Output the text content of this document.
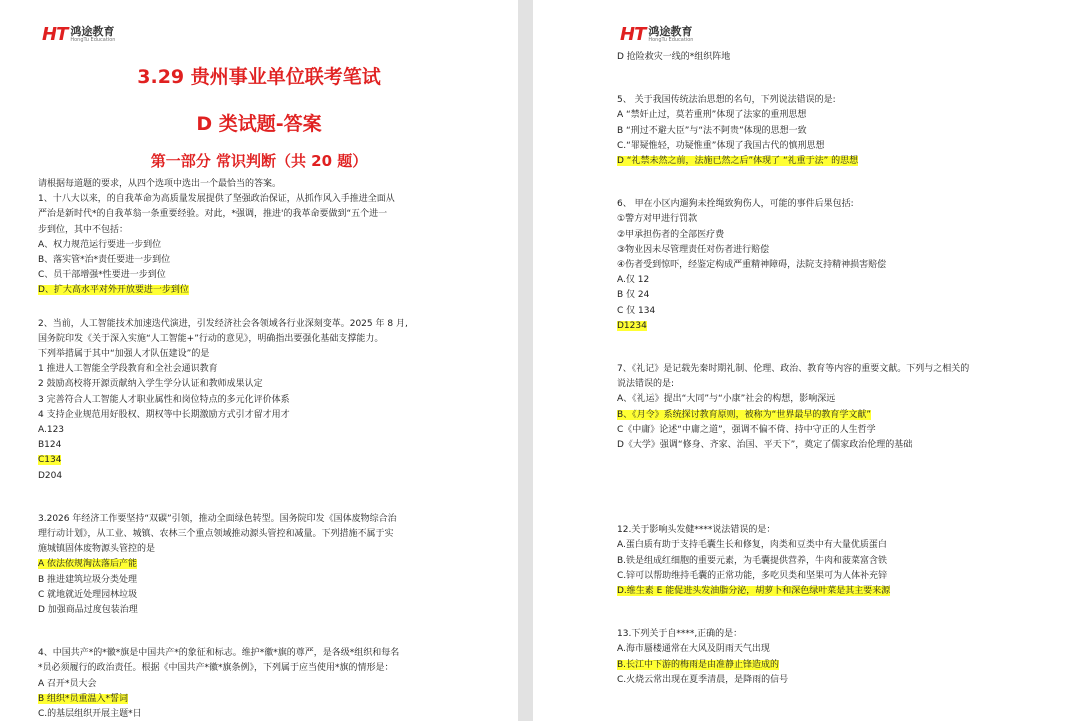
3.29 贵州事业单位联考笔试
D 类试题-答案
第一部分 常识判断（共 20 题）
请根据每道题的要求，从四个选项中选出一个最恰当的答案。
1、十八大以来，的自我革命为高质量发展提供了坚强政治保证，从抓作风入手推进全面从
严治是新时代*的自我革翁一条重要经验。对此，*强调，推进'的我革命要做到“五个进一
步到位，其中不包括：
A、权力规范运行要进一步到位
B、落实管*治*责任要进一步到位
C、员干部增强*性要进一步到位
D、扩大高水平对外开放要进一步到位
2、当前，人工智能技术加速迭代演进，引发经济社会各领域各行业深刻变革。2025 年 8 月,
国务院印发《关于深入实施“人工智能+”行动的意见》，明确指出要强化基础支撑能力。
下列举措属于其中“加强人才队伍建设”的是
1 推进人工智能全学段教育和全社会通识教育
2 鼓励高校将开源贡献纳入学生学分认证和教师成果认定
3 完善符合人工智能人才职业属性和岗位特点的多元化评价体系
4 支持企业规范用好股权、期权等中长期激励方式引才留才用才
A.123
B124
C134
D204
3.2026 年经济工作要坚持“双碳”引领，推动全面绿色转型。国务院印发《国体废物综合治
理行动计划》，从工业、城镇、农林三个重点领域推动源头管控和减量。下列措施不属于实
施城镇固体废物源头管控的是
A 依法依规淘汰落后产能
B 推进建筑垃圾分类处理
C 就地就近处理园林垃圾
D 加强商品过度包装治理
4、中国共产*的*徽*旗是中国共产*的象征和标志。维护*徽*旗的尊严，是各级*组织和每名
*员必须履行的政治责任。根据《中国共产*徽*旗条例》，下列属于应当使用*旗的情形是：
A 召开*员大会
B 组织*员重温入*誓词
C.的基层组织开展主题*日
HT 鸿途教育
HongTu Education
D 抢险救灾一线的*组织阵地
5、 关于我国传统法治思想的名句，下列说法错误的是:
A “禁奸止过，莫若重刑”体现了法家的重刑思想
B “刑过不避大臣”与“法不阿贵”体现的思想一致
C.“罪疑惟轻，功疑惟重”体现了我国古代的慎刑思想
D “礼禁未然之前，法施已然之后”体现了 “礼重于法” 的思想
6、 甲在小区内遛狗未拴绳致狗伤人，可能的事件后果包括:
①警方对甲进行罚款
②甲承担伤者的全部医疗费
③物业因未尽管理责任对伤者进行赔偿
④伤者受到惊吓，经鉴定构成严重精神障碍，法院支持精神损害赔偿
A.仅 12
B 仅 24
C 仅 134
D1234
7、《礼记》是记载先秦时期礼制、伦理、政治、教育等内容的重要文献。下列与之相关的
说法错误的是:
A、《礼运》提出“大同”与“小康”社会的构想，影响深远
B、《月令》系统探讨教育原则，被称为“世界最早的教育学文献”
C《中庸》论述“中庸之道”，强调不偏不倚、持中守正的人生哲学
D《大学》强调“修身、齐家、治国、平天下”，奠定了儒家政治伦理的基础
12.关于影响头发健****说法错误的是：
A.蛋白质有助于支持毛囊生长和修复，肉类和豆类中有大量优质蛋白
B.铁是组成红细胞的重要元素，为毛囊提供营养，牛肉和菠菜富含铁
C.锌可以帮助维持毛囊的正常功能，多吃贝类和坚果可为人体补充锌
D.维生素 E 能促进头发油脂分泌，胡萝卜和深色绿叶菜是其主要来源
13.下列关于自****,正确的是：
A.海市蜃楼通常在大风及阴雨天气出现
B.长江中下游的梅雨是由准静止锋造成的
C.火烧云常出现在夏季清晨，是降雨的信号
HT 鸿途教育
HongTu Education
